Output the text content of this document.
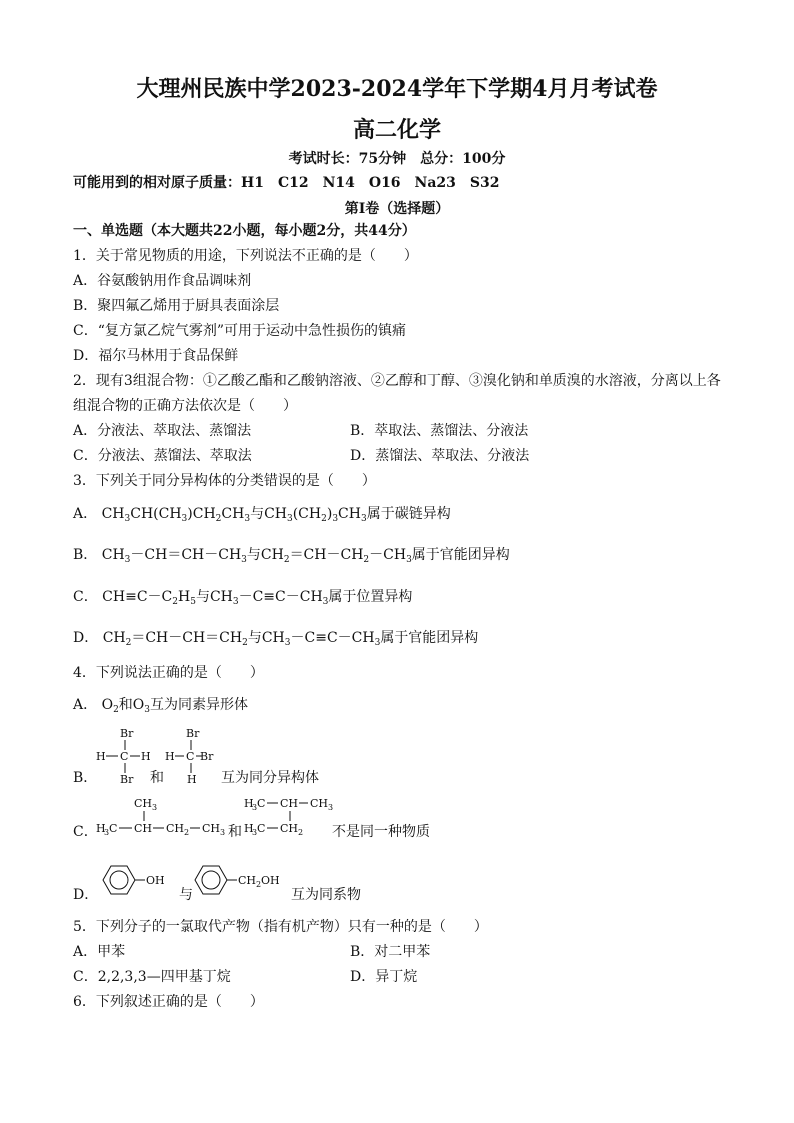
大理州民族中学2023-2024学年下学期4月月考试卷
高二化学
考试时长：75分钟　总分：100分
可能用到的相对原子质量：H1　C12　N14　O16　Na23　S32
第Ⅰ卷（选择题）
一、单选题（本大题共22小题，每小题2分，共44分）
1．关于常见物质的用途，下列说法不正确的是（　　）
A．谷氨酸钠用作食品调味剂
B．聚四氟乙烯用于厨具表面涂层
C．“复方氯乙烷气雾剂”可用于运动中急性损伤的镇痛
D．福尔马林用于食品保鲜
2．现有3组混合物：①乙酸乙酯和乙酸钠溶液、②乙醇和丁醇、③溴化钠和单质溴的水溶液，分离以上各
组混合物的正确方法依次是（　　）
A．分液法、萃取法、蒸馏法	B．萃取法、蒸馏法、分液法
C．分液法、蒸馏法、萃取法	D．蒸馏法、萃取法、分液法
3．下列关于同分异构体的分类错误的是（　　）
A． $CH_3CH(CH_3)CH_2CH_3$与$CH_3(CH_2)_3CH_3$属于碳链异构
B． $CH_3-CH=CH-CH_3$与$CH_2=CH-CH_2-CH_3$属于官能团异构
C． $CH\equiv C-C_2H_5$与$CH_3-C\equiv C-CH_3$属于位置异构
D． $CH_2=CH-CH=CH_2$与$CH_3-C\equiv C-CH_3$属于官能团异构
4．下列说法正确的是（　　）
A． $O_2$和$O_3$互为同素异形体
B．
Br
H C H
Br
Br
H C Br
H
和	互为同分异构体
C．
CH 3
H
3 C CH CH 2 CH 3
H
3 C CH CH 3
H
3 C CH 2
和	不是同一种物质
D．
OH	CH 2 OH
与	互为同系物
5．下列分子的一氯取代产物（指有机产物）只有一种的是（　　）
A．甲苯	B．对二甲苯
C．2,2,3,3—四甲基丁烷	D．异丁烷
6．下列叙述正确的是（　　）
